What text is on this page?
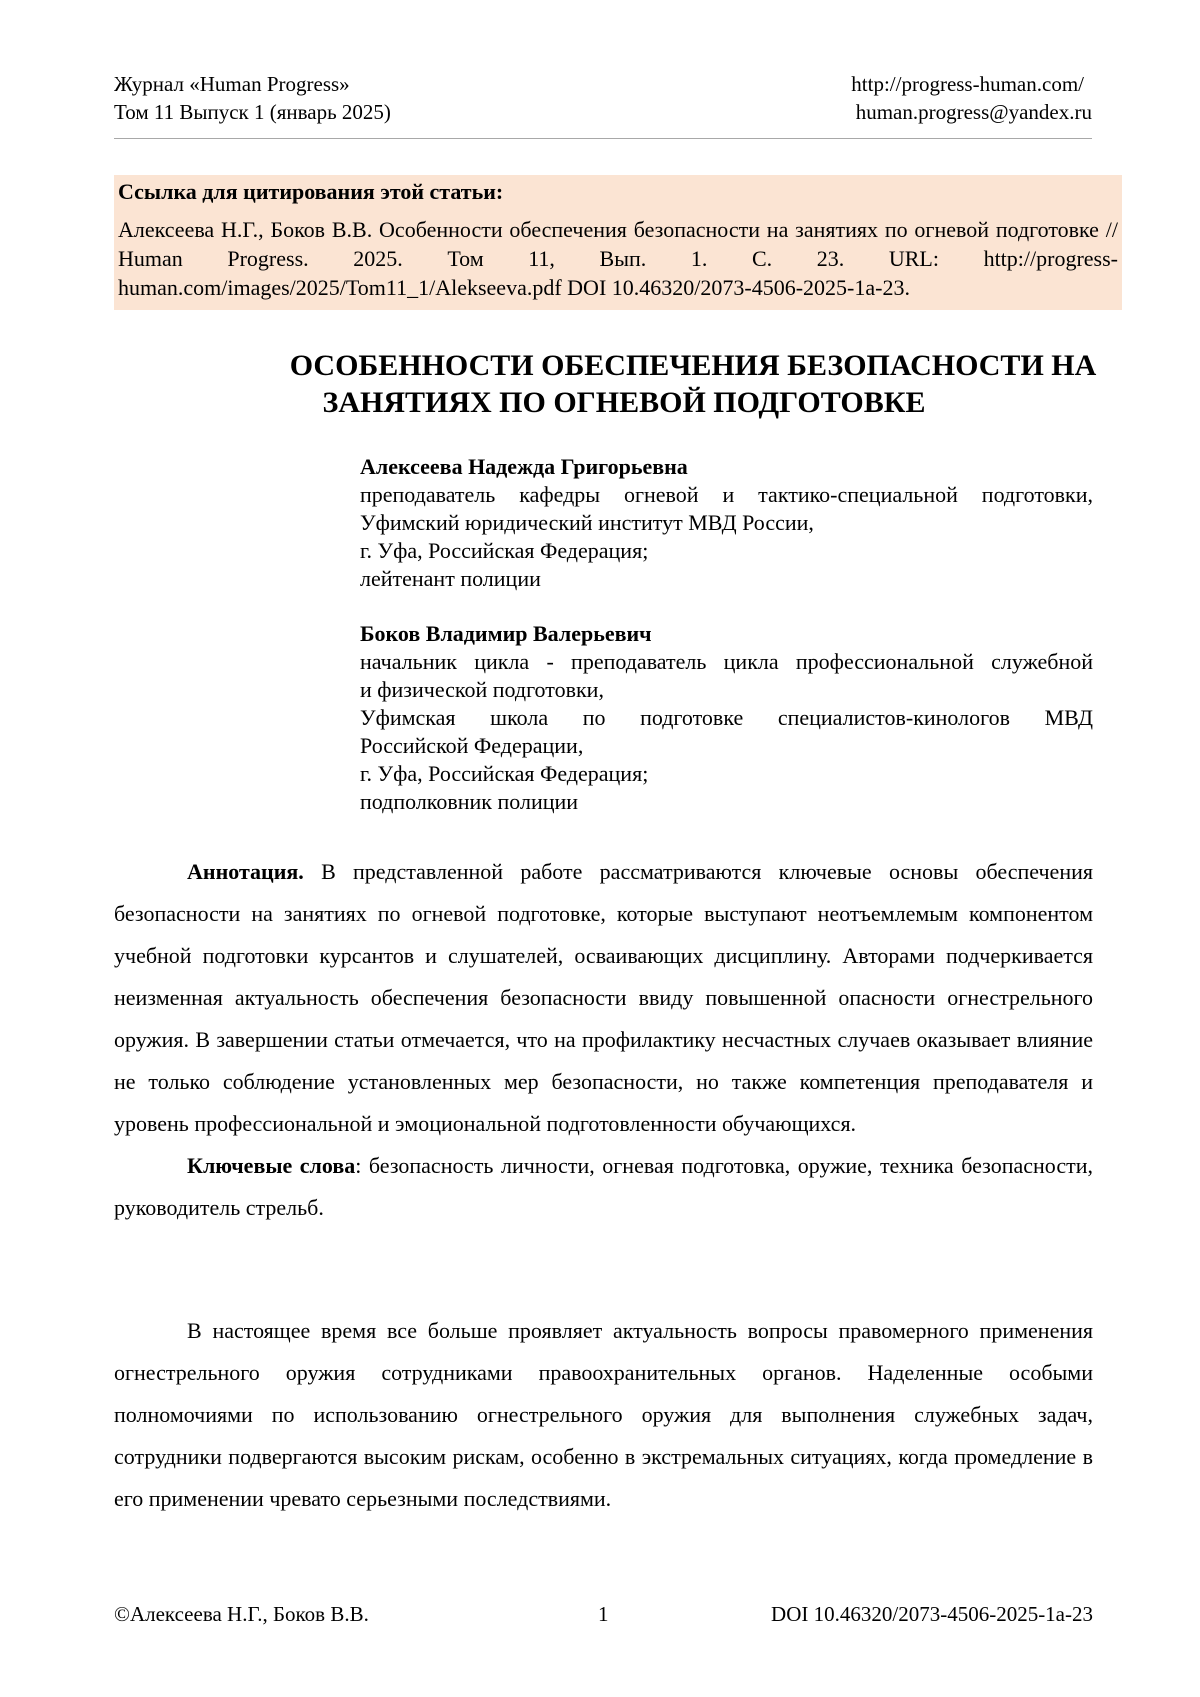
Журнал «Human Progress»
Том 11 Выпуск 1 (январь 2025)
http://progress-human.com/
human.progress@yandex.ru
Ссылка для цитирования этой статьи:
Алексеева Н.Г., Боков В.В. Особенности обеспечения безопасности на занятиях по огневой подготовке // Human Progress. 2025. Том 11, Вып. 1. С. 23. URL: http://progress-human.com/images/2025/Tom11_1/Alekseeva.pdf DOI 10.46320/2073-4506-2025-1a-23.
ОСОБЕННОСТИ ОБЕСПЕЧЕНИЯ БЕЗОПАСНОСТИ НА
ЗАНЯТИЯХ ПО ОГНЕВОЙ ПОДГОТОВКЕ
Алексеева Надежда Григорьевна
преподаватель кафедры огневой и тактико-специальной подготовки,
Уфимский юридический институт МВД России,
г. Уфа, Российская Федерация;
лейтенант полиции
Боков Владимир Валерьевич
начальник цикла - преподаватель цикла профессиональной служебной
и физической подготовки,
Уфимская школа по подготовке специалистов-кинологов МВД
Российской Федерации,
г. Уфа, Российская Федерация;
подполковник полиции

Аннотация. В представленной работе рассматриваются ключевые основы обеспечения безопасности на занятиях по огневой подготовке, которые выступают неотъемлемым компонентом учебной подготовки курсантов и слушателей, осваивающих дисциплину. Авторами подчеркивается неизменная актуальность обеспечения безопасности ввиду повышенной опасности огнестрельного оружия. В завершении статьи отмечается, что на профилактику несчастных случаев оказывает влияние не только соблюдение установленных мер безопасности, но также компетенция преподавателя и уровень профессиональной и эмоциональной подготовленности обучающихся.

Ключевые слова: безопасность личности, огневая подготовка, оружие, техника безопасности, руководитель стрельб.

В настоящее время все больше проявляет актуальность вопросы правомерного применения огнестрельного оружия сотрудниками правоохранительных органов. Наделенные особыми полномочиями по использованию огнестрельного оружия для выполнения служебных задач, сотрудники подвергаются высоким рискам, особенно в экстремальных ситуациях, когда промедление в его применении чревато серьезными последствиями.

©Алексеева Н.Г., Боков В.В.	1	DOI 10.46320/2073-4506-2025-1a-23
